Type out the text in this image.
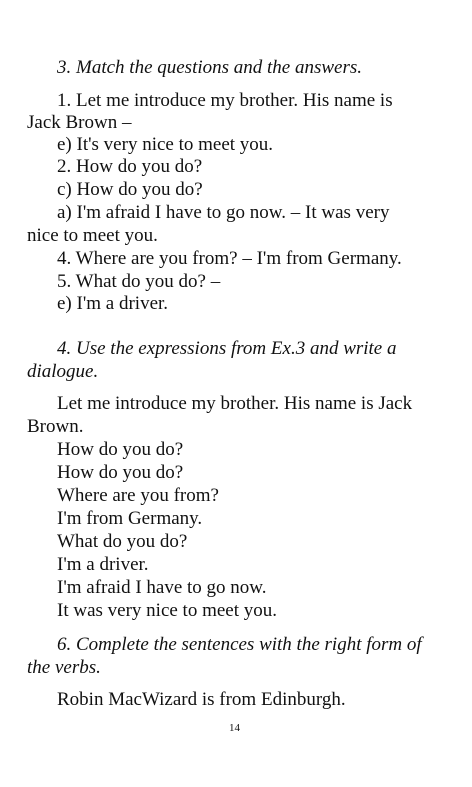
3. Match the questions and the answers.
1. Let me introduce my brother. His name is
Jack Brown –
e) It's very nice to meet you.
2. How do you do?
c) How do you do?
a) I'm afraid I have to go now. – It was very
nice to meet you.
4. Where are you from? – I'm from Germany.
5. What do you do? –
e) I'm a driver.
4. Use the expressions from Ex.3 and write a
dialogue.
Let me introduce my brother. His name is Jack
Brown.
How do you do?
How do you do?
Where are you from?
I'm from Germany.
What do you do?
I'm a driver.
I'm afraid I have to go now.
It was very nice to meet you.
6. Complete the sentences with the right form of
the verbs.
Robin MacWizard is from Edinburgh.
14
